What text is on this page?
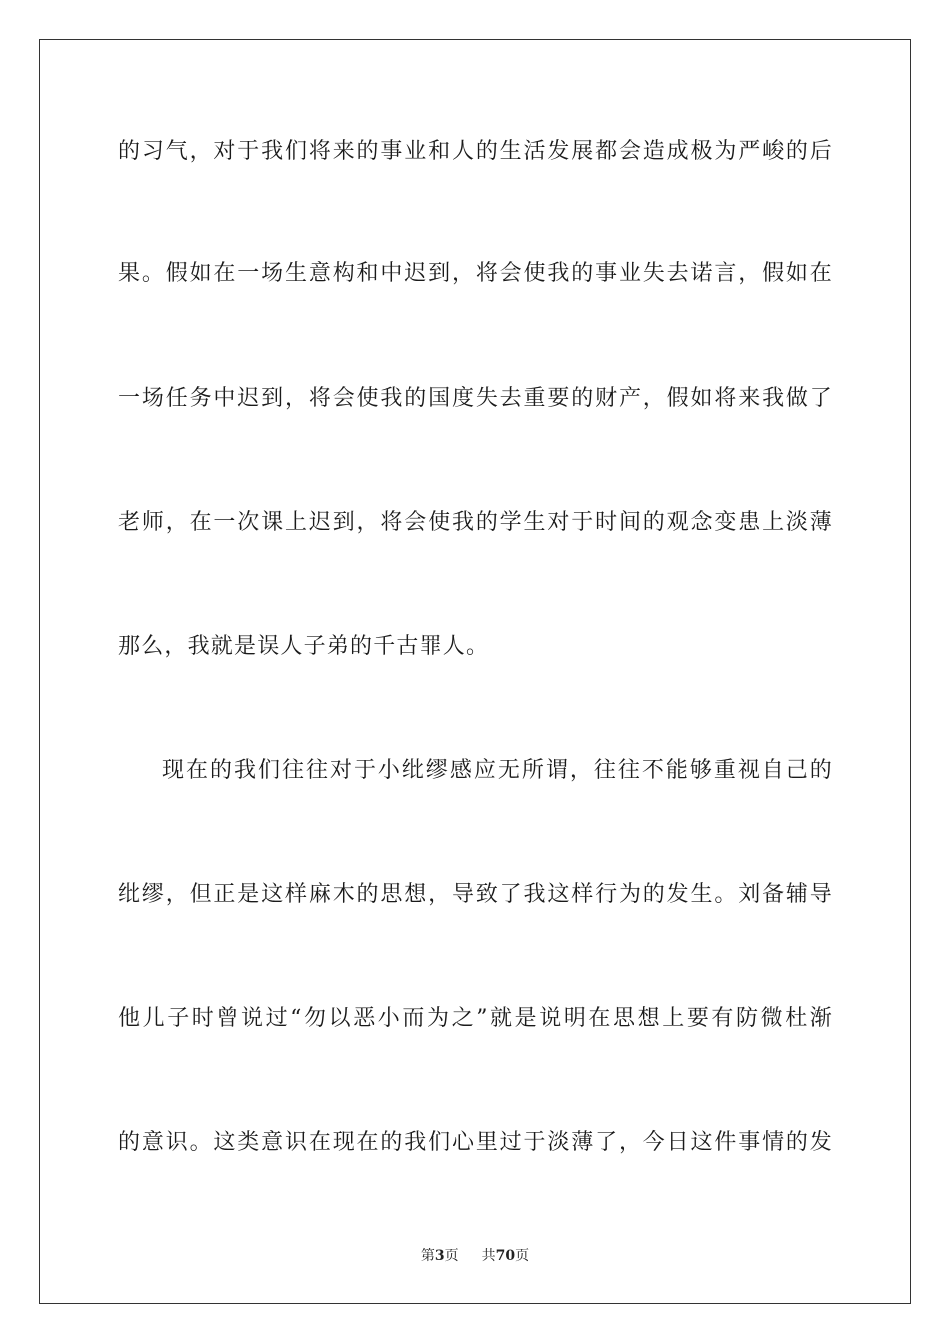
的习气，对于我们将来的事业和人的生活发展都会造成极为严峻的后
果。假如在一场生意构和中迟到，将会使我的事业失去诺言，假如在
一场任务中迟到，将会使我的国度失去重要的财产，假如将来我做了
老师，在一次课上迟到，将会使我的学生对于时间的观念变患上淡薄
那么，我就是误人子弟的千古罪人。
现在的我们往往对于小纰缪感应无所谓，往往不能够重视自己的
纰缪，但正是这样麻木的思想，导致了我这样行为的发生。刘备辅导
他儿子时曾说过“勿以恶小而为之”就是说明在思想上要有防微杜渐
的意识。这类意识在现在的我们心里过于淡薄了，今日这件事情的发
第3页 共70页
